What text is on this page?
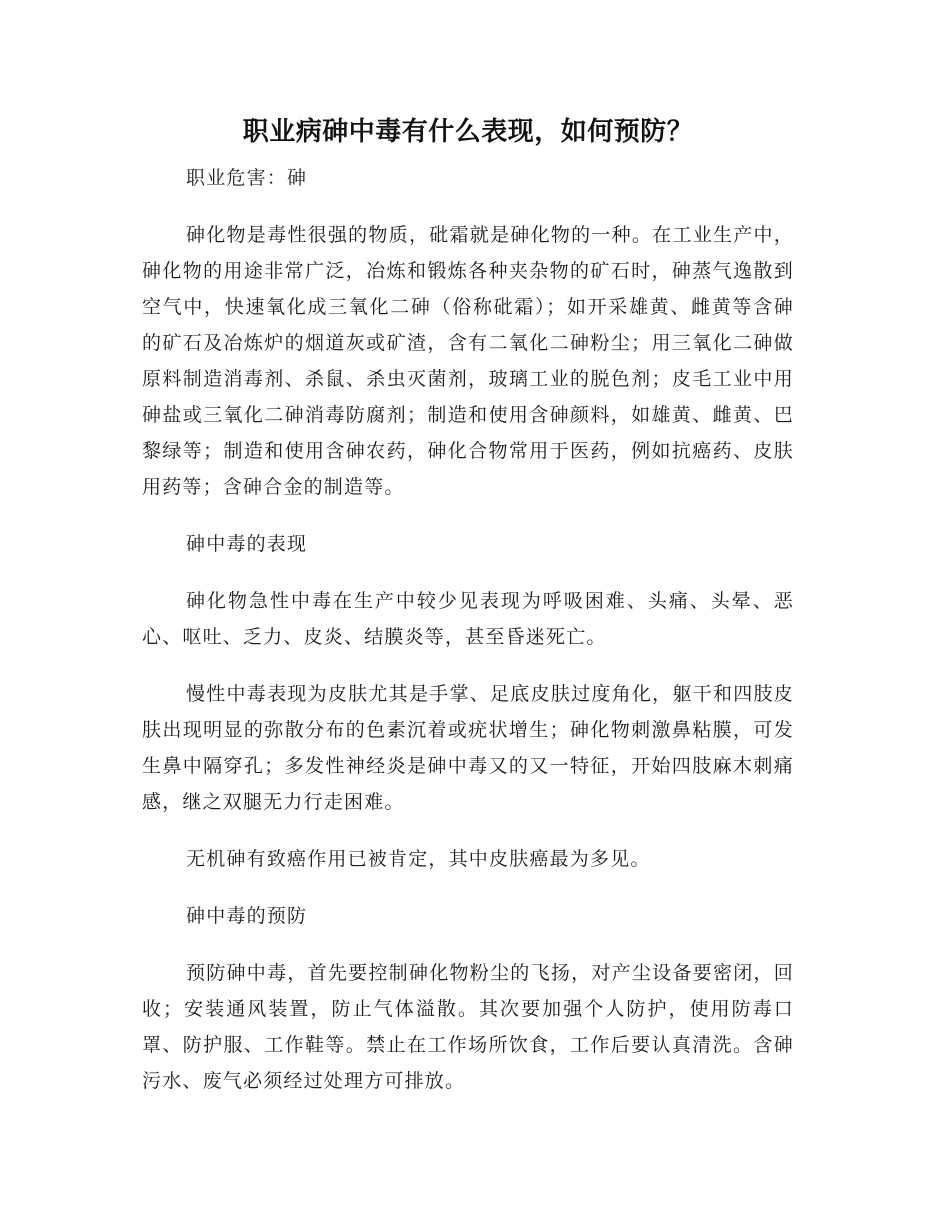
职业病砷中毒有什么表现，如何预防？

职业危害：砷

砷化物是毒性很强的物质，砒霜就是砷化物的一种。在工业生产中，砷化物的用途非常广泛，冶炼和锻炼各种夹杂物的矿石时，砷蒸气逸散到空气中，快速氧化成三氧化二砷（俗称砒霜）；如开采雄黄、雌黄等含砷的矿石及冶炼炉的烟道灰或矿渣，含有二氧化二砷粉尘；用三氧化二砷做原料制造消毒剂、杀鼠、杀虫灭菌剂，玻璃工业的脱色剂；皮毛工业中用砷盐或三氧化二砷消毒防腐剂；制造和使用含砷颜料，如雄黄、雌黄、巴黎绿等；制造和使用含砷农药，砷化合物常用于医药，例如抗癌药、皮肤用药等；含砷合金的制造等。

砷中毒的表现

砷化物急性中毒在生产中较少见表现为呼吸困难、头痛、头晕、恶心、呕吐、乏力、皮炎、结膜炎等，甚至昏迷死亡。

慢性中毒表现为皮肤尤其是手掌、足底皮肤过度角化，躯干和四肢皮肤出现明显的弥散分布的色素沉着或疣状增生；砷化物刺激鼻粘膜，可发生鼻中隔穿孔；多发性神经炎是砷中毒又的又一特征，开始四肢麻木刺痛感，继之双腿无力行走困难。

无机砷有致癌作用已被肯定，其中皮肤癌最为多见。

砷中毒的预防

预防砷中毒，首先要控制砷化物粉尘的飞扬，对产尘设备要密闭，回收；安装通风装置，防止气体溢散。其次要加强个人防护，使用防毒口罩、防护服、工作鞋等。禁止在工作场所饮食，工作后要认真清洗。含砷污水、废气必须经过处理方可排放。
